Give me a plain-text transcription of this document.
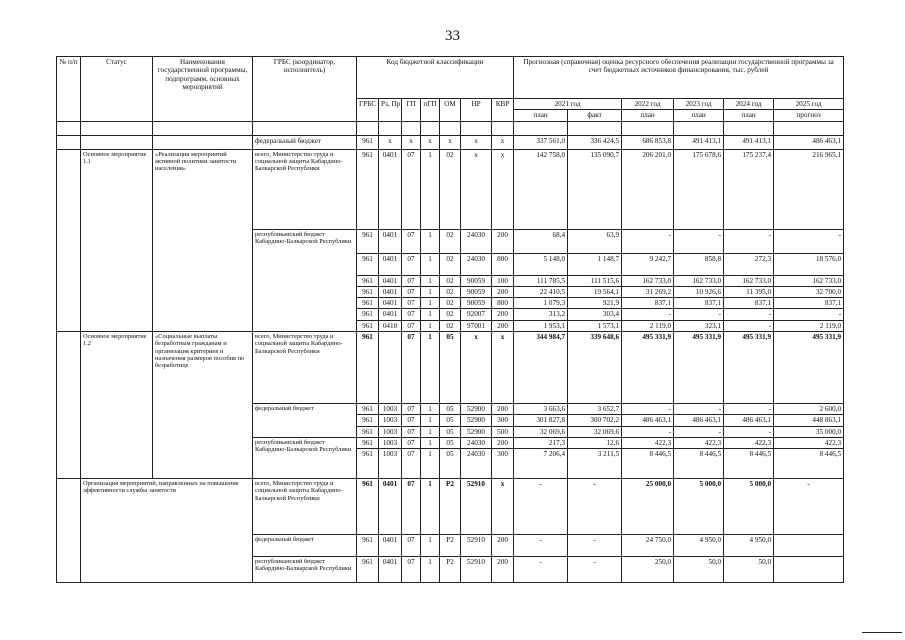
33
№ п/п	Статус	Наименования государственной программы, подпрограмм, основных мероприятий	ГРБС (координатор, исполнитель)	Код бюджетной классификации							Прогнозная (справочная) оценка ресурсного обеспечения реализации государственной программы за счет бюджетных источников финансирования, тыс. рублей					
				ГРБС	Рз, Пр	ГП	пГП	ОМ	НР	КВР	2021 год		2022 год	2023 год	2024 год	2025 год
											план	факт	план	план	план	прогноз

			федеральный бюджет	961	x	x	x	x	x	x	337 561,0	336 424,5	686 853,8	491 413,1	491 413,1	486 463,1
	Основное мероприятие 1.1	«Реализация мероприятий активной политики занятости населения»	всего, Министерство труда и социальной защиты Кабардино-Балкарской Республики	961	0401	07	1	02	x	x	142 758,0	135 090,7	206 201,0	175 678,6	175 237,4	216 965,1
			республиканский бюджет Кабардино-Балкарской Республики	961	0401	07	1	02	24030	200	68,4	63,9	-	-	-	-
				961	0401	07	1	02	24030	800	5 148,0	1 148,7	9 242,7	858,8	272,3	18 576,0
				961	0401	07	1	02	90059	100	111 785,5	111 515,6	162 733,0	162 733,0	162 733,0	162 733,0
				961	0401	07	1	02	90059	200	22 410,5	19 564,1	31 269,2	10 926,6	11 395,0	32 700,0
				961	0401	07	1	02	90059	800	1 079,3	921,9	837,1	837,1	837,1	837,1
				961	0401	07	1	02	92007	200	313,2	303,4	-	-	-	-
				961	0410	07	1	02	97001	200	1 953,1	1 573,1	2 119,0	323,1	-	2 119,0
	Основное мероприятие 1.2	«Социальные выплаты безработным гражданам и организация критериев и назначения размеров пособия по безработице	всего, Министерство труда и социальной защиты Кабардино-Балкарской Республики	961		07	1	05	x	x	344 984,7	339 648,6	495 331,9	495 331,9	495 331,9	495 331,9
			федеральный бюджет	961	1003	07	1	05	52900	200	3 663,6	3 652,7	-	-	-	2 600,0
				961	1003	07	1	05	52900	300	301 827,8	300 702,2	486 463,1	486 463,1	486 463,1	448 863,1
				961	1003	07	1	05	52900	500	32 069,6	32 069,6	-	-	-	35 000,0
			республиканский бюджет Кабардино-Балкарской Республики	961	1003	07	1	05	24030	200	217,3	12,6	422,3	422,3	422,3	422,3
				961	1003	07	1	05	24030	300	7 206,4	3 211,5	8 446,5	8 446,5	8 446,5	8 446,5
	Организация мероприятий, направленных на повышение эффективности службы занятости		всего, Министерство труда и социальной защиты Кабардино-Балкарской Республики	961	0401	07	1	P2	52910	x	-	-	25 000,0	5 000,0	5 000,0	-
			федеральный бюджет	961	0401	07	1	P2	52910	200	-	-	24 750,0	4 950,0	4 950,0	
			республиканский бюджет Кабардино-Балкарской Республики	961	0401	07	1	P2	52910	200	-	-	250,0	50,0	50,0	
